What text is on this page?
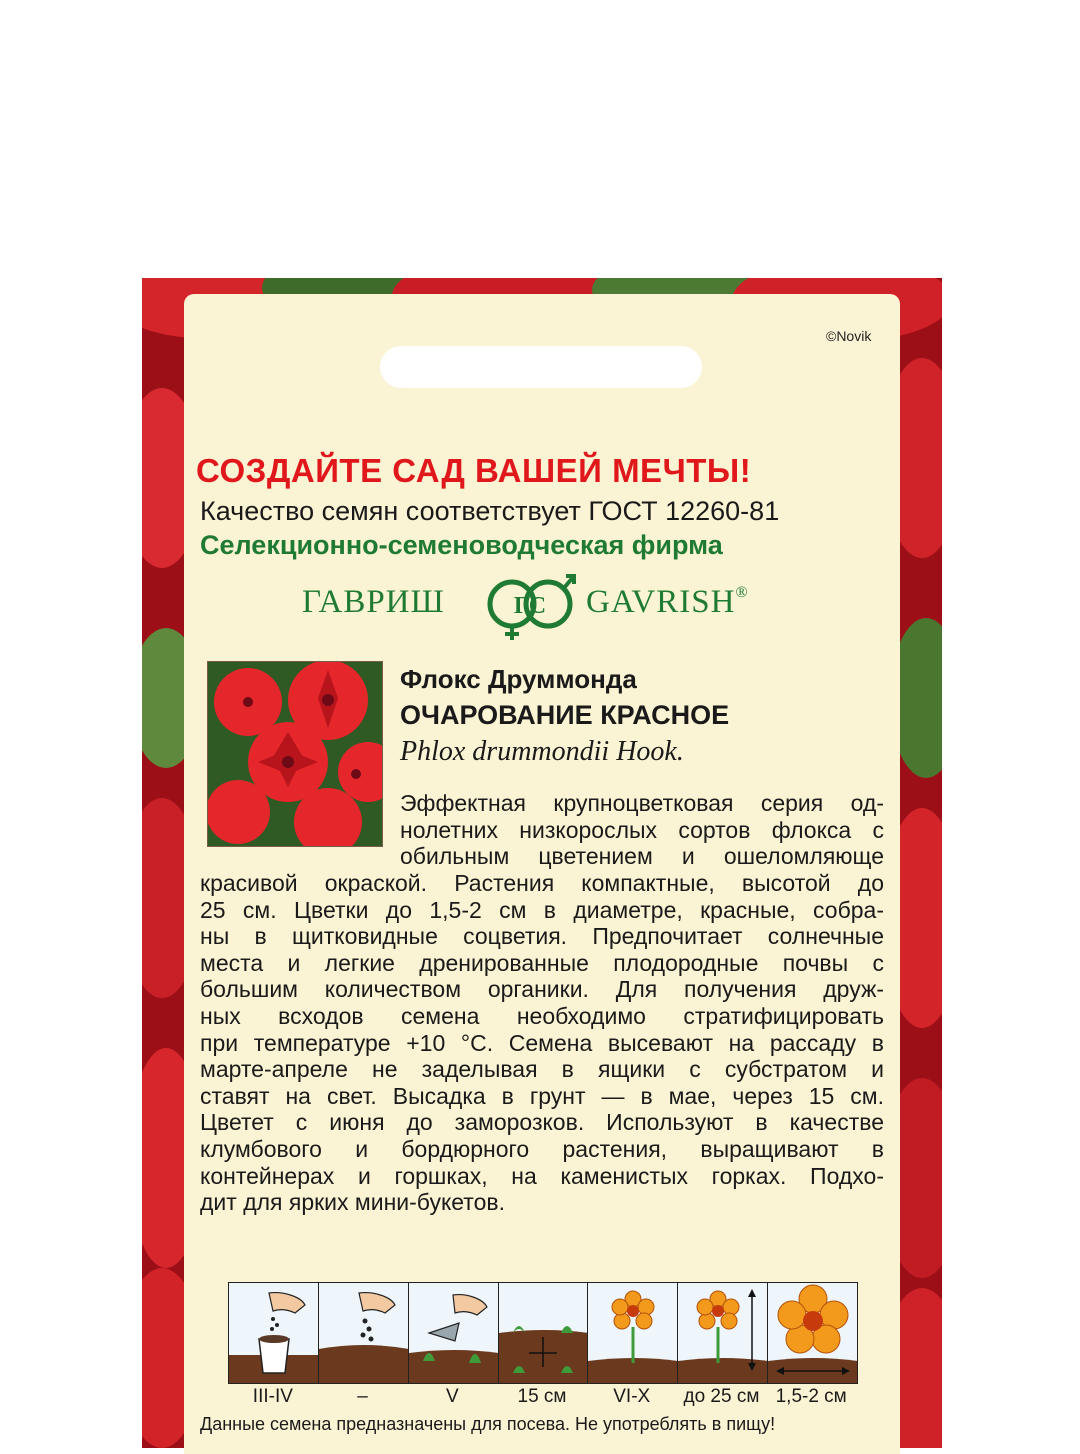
©Novik
СОЗДАЙТЕ САД ВАШЕЙ МЕЧТЫ!
Качество семян соответствует ГОСТ 12260-81
Селекционно-семеноводческая фирма
ГАВРИШ	ГС GAVRISH®
Флокс Друммонда
ОЧАРОВАНИЕ КРАСНОЕ
Phlox drummondii Hook.
Эффектная крупноцветковая серия од-
нолетних низкорослых сортов флокса с
обильным цветением и ошеломляюще
красивой окраской. Растения компактные, высотой до
25 см. Цветки до 1,5-2 см в диаметре, красные, собра-
ны в щитковидные соцветия. Предпочитает солнечные
места и легкие дренированные плодородные почвы с
большим количеством органики. Для получения друж-
ных всходов семена необходимо стратифицировать
при температуре +10 °С. Семена высевают на рассаду в
марте-апреле не заделывая в ящики с субстратом и
ставят на свет. Высадка в грунт — в мае, через 15 см.
Цветет с июня до заморозков. Используют в качестве
клумбового и бордюрного растения, выращивают в
контейнерах и горшках, на каменистых горках. Подхо-
дит для ярких мини-букетов.
III-IV	–	V	15 см	VI-X	до 25 см 1,5-2 см
Данные семена предназначены для посева. Не употреблять в пищу!
